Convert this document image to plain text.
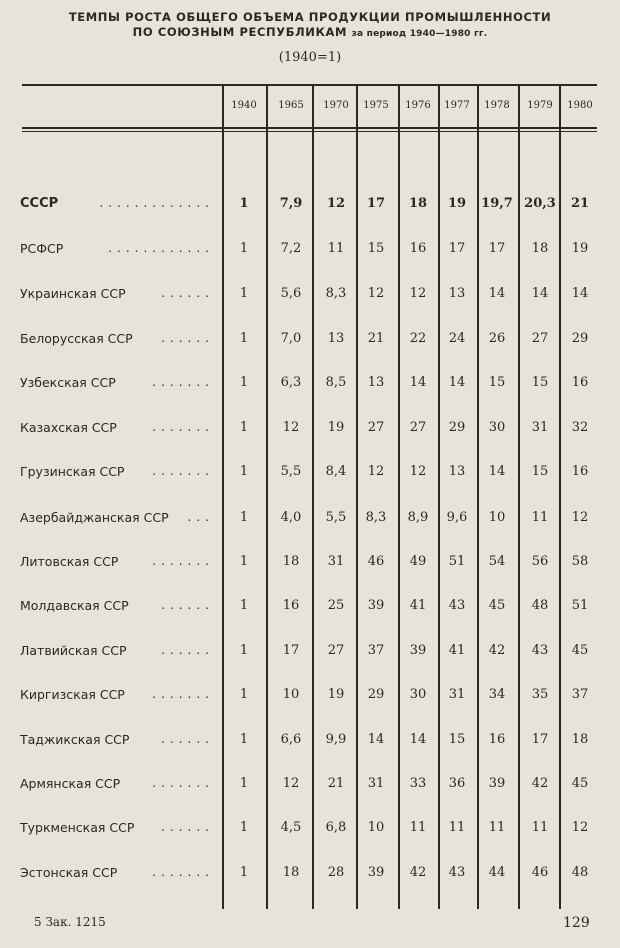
ТЕМПЫ РОСТА ОБЩЕГО ОБЪЕМА ПРОДУКЦИИ ПРОМЫШЛЕННОСТИ
ПО СОЮЗНЫМ РЕСПУБЛИКАМ за период 1940—1980 гг.
(1940=1)
1940	1965	1970	1975	1976	1977	1978	1979	1980
СССР	.............	1	7,9	12	17	18	19	19,7 20,3	21
РСФСР	............	1	7,2	11	15	16	17	17	18	19
Украинская ССР	......	1	5,6	8,3	12	12	13	14	14	14
Белорусская ССР ......	1	7,0	13	21	22	24	26	27	29
Узбекская ССР	.......	1	6,3	8,5	13	14	14	15	15	16
Казахская ССР	.......	1	12	19	27	27	29	30	31	32
Грузинская ССР .......	1	5,5	8,4	12	12	13	14	15	16
Азербайджанская ССР ...	1	4,0	5,5	8,3	8,9	9,6	10	11	12
Литовская ССР	.......	1	18	31	46	49	51	54	56	58
Молдавская ССР	......	1	16	25	39	41	43	45	48	51
Латвийская ССР	......	1	17	27	37	39	41	42	43	45
Киргизская ССР .......	1	10	19	29	30	31	34	35	37
Таджикская ССР	......	1	6,6	9,9	14	14	15	16	17	18
Армянская ССР	.......	1	12	21	31	33	36	39	42	45
Туркменская ССР ......	1	4,5	6,8	10	11	11	11	11	12
Эстонская ССР	.......	1	18	28	39	42	43	44	46	48
5 Зак. 1215	129
